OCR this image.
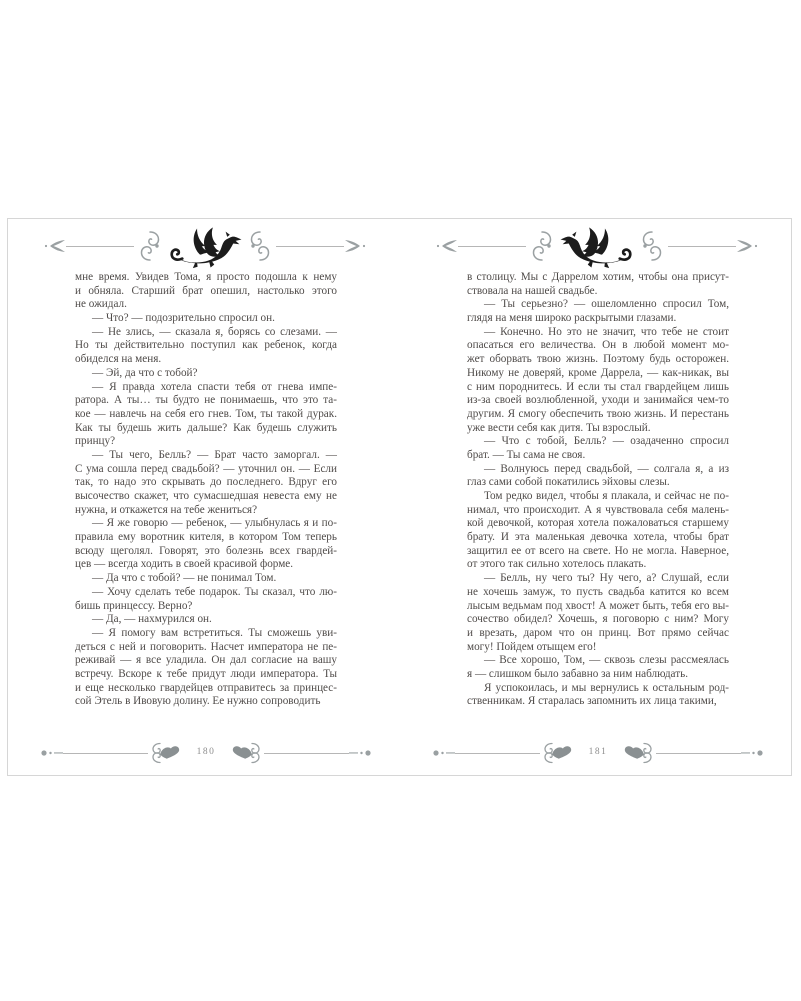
мне время. Увидев Тома, я просто подошла к нему
и обняла. Старший брат опешил, настолько этого
не ожидал.
— Что? — подозрительно спросил он.
— Не злись, — сказала я, борясь со слезами. —
Но ты действительно поступил как ребенок, когда
обиделся на меня.
— Эй, да что с тобой?
— Я правда хотела спасти тебя от гнева импе-
ратора. А ты… ты будто не понимаешь, что это та-
кое — навлечь на себя его гнев. Том, ты такой дурак.
Как ты будешь жить дальше? Как будешь служить
принцу?
— Ты чего, Белль? — Брат часто заморгал. —
С ума сошла перед свадьбой? — уточнил он. — Если
так, то надо это скрывать до последнего. Вдруг его
высочество скажет, что сумасшедшая невеста ему не
нужна, и откажется на тебе жениться?
— Я же говорю — ребенок, — улыбнулась я и по-
правила ему воротник кителя, в котором Том теперь
всюду щеголял. Говорят, это болезнь всех гвардей-
цев — всегда ходить в своей красивой форме.
— Да что с тобой? — не понимал Том.
— Хочу сделать тебе подарок. Ты сказал, что лю-
бишь принцессу. Верно?
— Да, — нахмурился он.
— Я помогу вам встретиться. Ты сможешь уви-
деться с ней и поговорить. Насчет императора не пе-
реживай — я все уладила. Он дал согласие на вашу
встречу. Вскоре к тебе придут люди императора. Ты
и еще несколько гвардейцев отправитесь за принцес-
сой Этель в Ивовую долину. Ее нужно сопроводить
180
в столицу. Мы с Даррелом хотим, чтобы она присут-
ствовала на нашей свадьбе.
— Ты серьезно? — ошеломленно спросил Том,
глядя на меня широко раскрытыми глазами.
— Конечно. Но это не значит, что тебе не стоит
опасаться его величества. Он в любой момент мо-
жет оборвать твою жизнь. Поэтому будь осторожен.
Никому не доверяй, кроме Даррела, — как-никак, вы
с ним породнитесь. И если ты стал гвардейцем лишь
из-за своей возлюбленной, уходи и занимайся чем-то
другим. Я смогу обеспечить твою жизнь. И перестань
уже вести себя как дитя. Ты взрослый.
— Что с тобой, Белль? — озадаченно спросил
брат. — Ты сама не своя.
— Волнуюсь перед свадьбой, — солгала я, а из
глаз сами собой покатились эйховы слезы.
Том редко видел, чтобы я плакала, и сейчас не по-
нимал, что происходит. А я чувствовала себя малень-
кой девочкой, которая хотела пожаловаться старшему
брату. И эта маленькая девочка хотела, чтобы брат
защитил ее от всего на свете. Но не могла. Наверное,
от этого так сильно хотелось плакать.
— Белль, ну чего ты? Ну чего, а? Слушай, если
не хочешь замуж, то пусть свадьба катится ко всем
лысым ведьмам под хвост! А может быть, тебя его вы-
сочество обидел? Хочешь, я поговорю с ним? Могу
и врезать, даром что он принц. Вот прямо сейчас
могу! Пойдем отыщем его!
— Все хорошо, Том, — сквозь слезы рассмеялась
я — слишком было забавно за ним наблюдать.
Я успокоилась, и мы вернулись к остальным род-
ственникам. Я старалась запомнить их лица такими,
181
